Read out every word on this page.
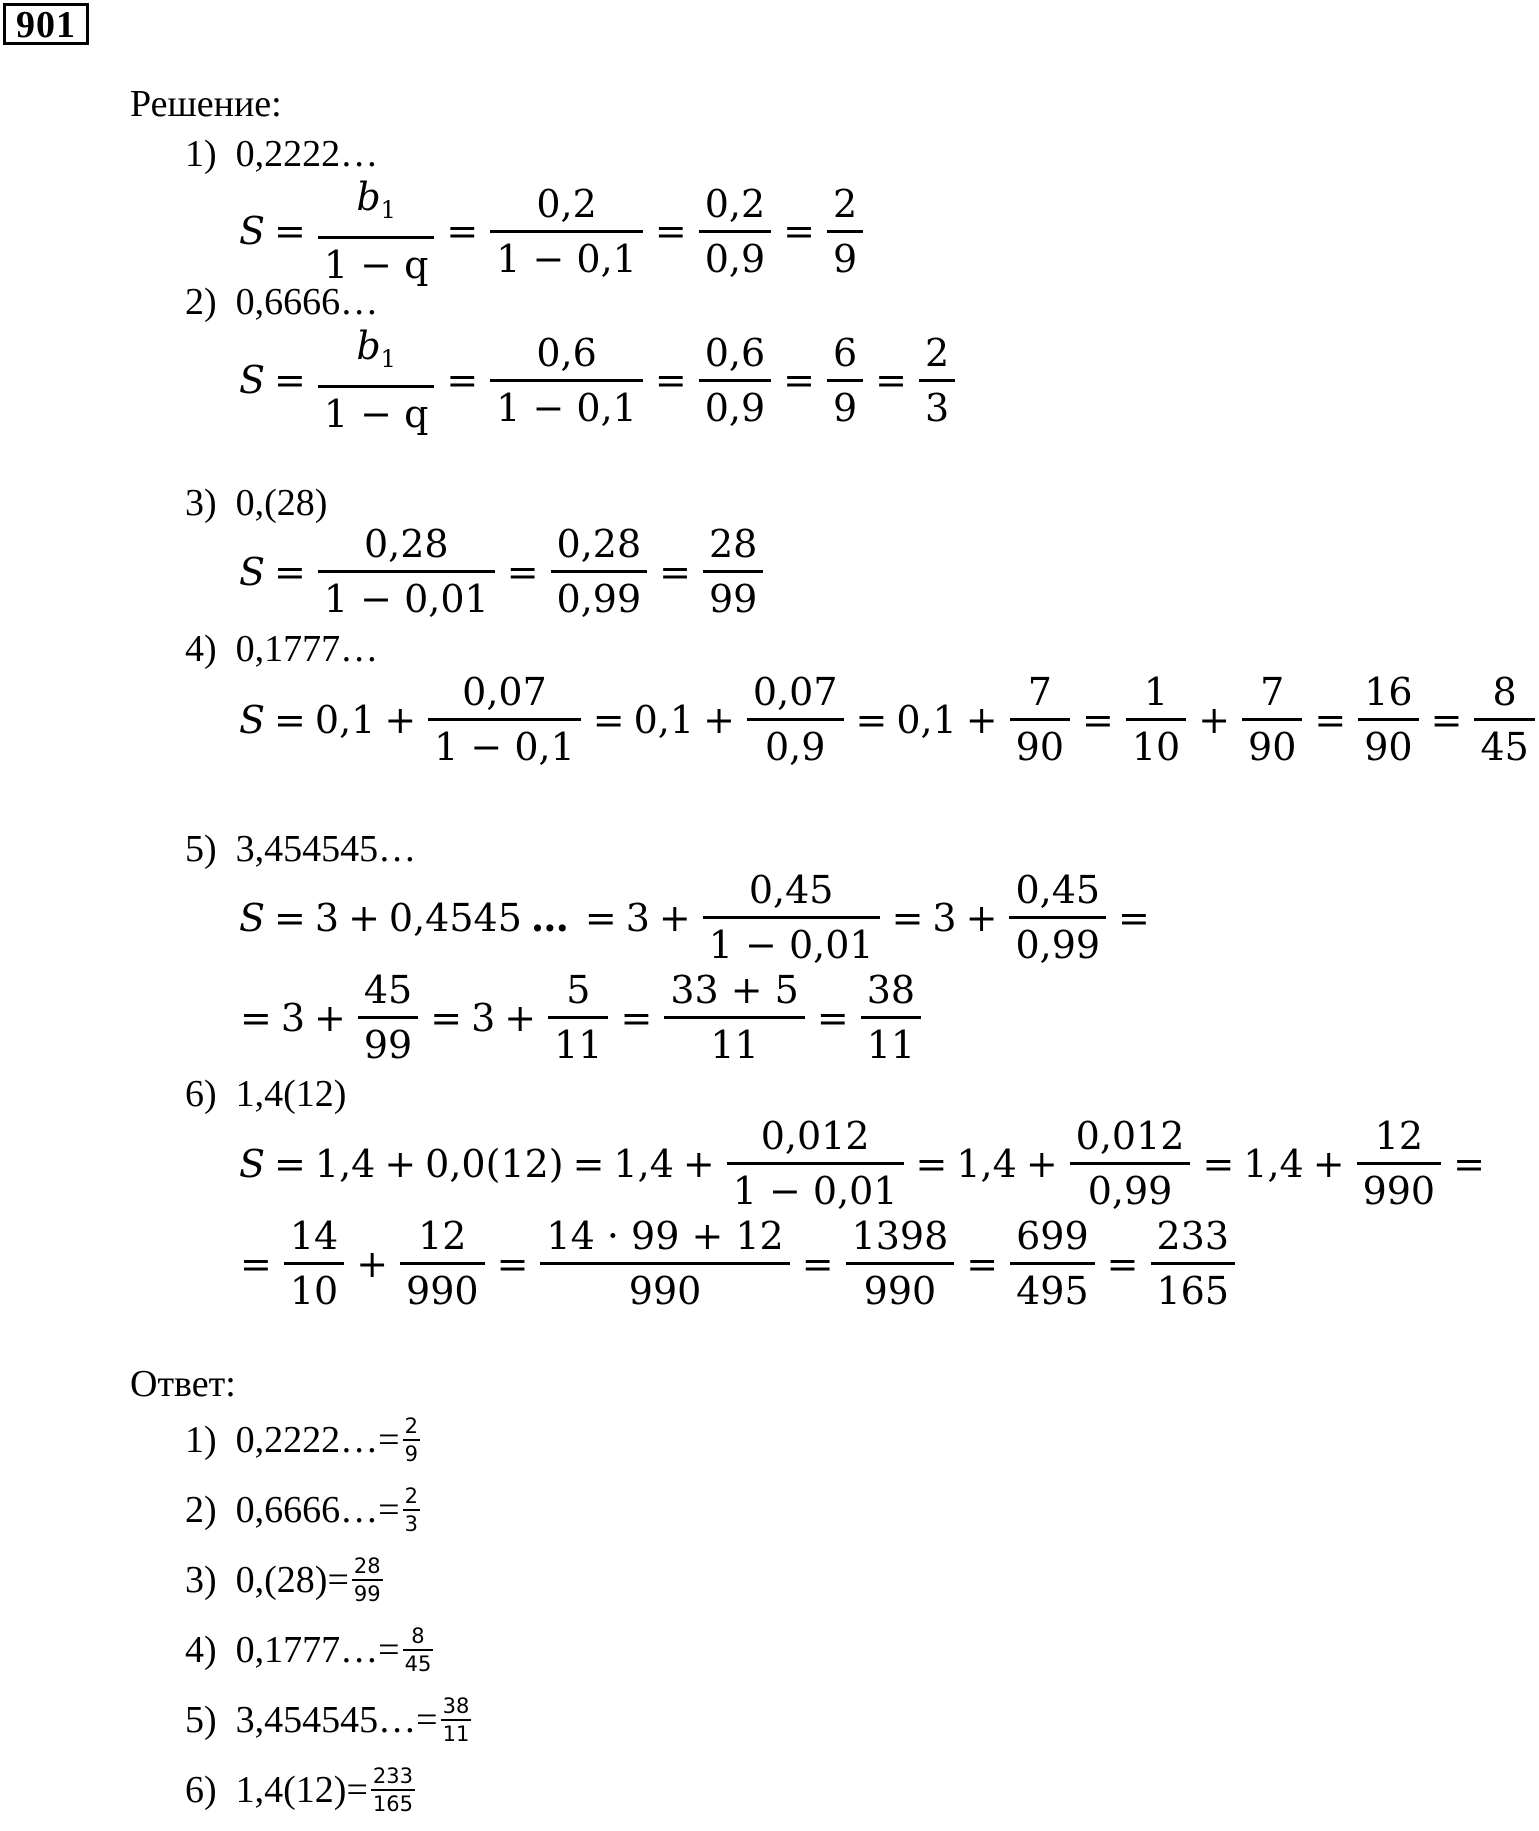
901
Решение:
1) 0,2222…
$S = \frac{b_1}{1 - q} = \frac{0,2}{1 - 0,1} = \frac{0,2}{0,9} = \frac{2}{9}$
2) 0,6666…
$S = \frac{b_1}{1 - q} = \frac{0,6}{1 - 0,1} = \frac{0,6}{0,9} = \frac{6}{9} = \frac{2}{3}$
3) 0,(28)
$S = \frac{0,28}{1 - 0,01} = \frac{0,28}{0,99} = \frac{28}{99}$
4) 0,1777…
$S = 0,1 + \frac{0,07}{1 - 0,1} = 0,1 + \frac{0,07}{0,9} = 0,1 + \frac{7}{90} = \frac{1}{10} + \frac{7}{90} = \frac{16}{90} = \frac{8}{45}$
5) 3,454545…
S = 3 + 0,4545 … = $3 + \frac{0,45}{1 - 0,01} = 3 + \frac{0,45}{0,99}$ =
= $3 + \frac{45}{99} = 3 + \frac{5}{11} = \frac{33 + 5}{11} = \frac{38}{11}$
6) 1,4(12)
$S = 1,4 + 0,0(12) = 1,4 + \frac{0,012}{1 - 0,01} = 1,4 + \frac{0,012}{0,99} = 1,4 + \frac{12}{990}$ =
= $\frac{14}{10} + \frac{12}{990} = \frac{14 \cdot 99 + 12}{990} = \frac{1398}{990} = \frac{699}{495} = \frac{233}{165}$
Ответ:
1)
0,2222…= 2
9
2)
0,6666…= 2
3
3)
0,(28)= 28
99
4)
0,1777…= 8
45
5)
3,454545…= 38
11
6)
1,4(12)= 233
165
